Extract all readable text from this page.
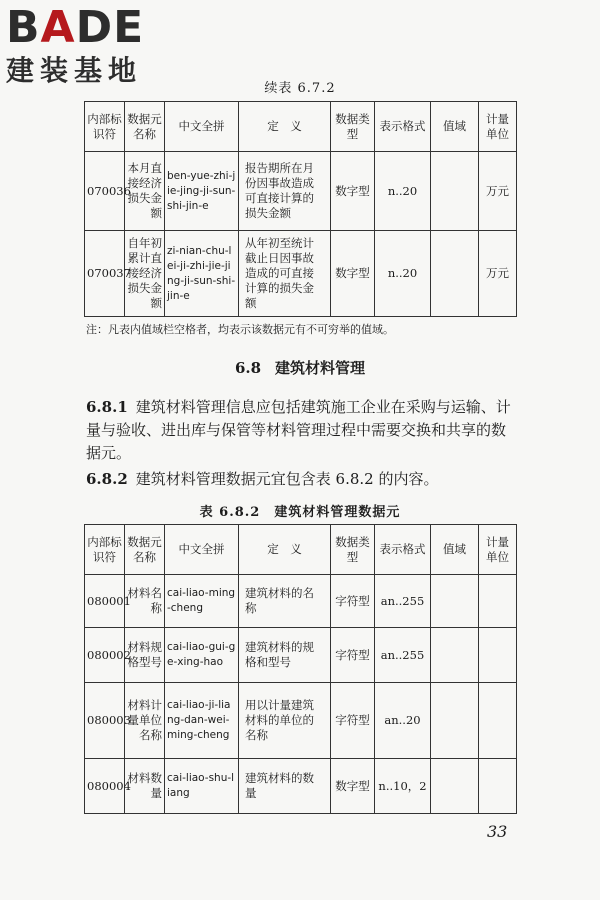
BADE
建装基地
续表 6.7.2
内部标识符	数据元名称	中文全拼	定　义	数据类型	表示格式	值域	计量单位
070036	本月直接经济损失金额	ben-yue-zhi-jie-jing-ji-sun-shi-jin-e	报告期所在月份因事故造成可直接计算的损失金额	数字型	n..20		万元
070037	自年初累计直接经济损失金额	zi-nian-chu-lei-ji-zhi-jie-jing-ji-sun-shi-jin-e	从年初至统计截止日因事故造成的可直接计算的损失金额	数字型	n..20		万元
注：凡表内值域栏空格者，均表示该数据元有不可穷举的值域。
6.8 建筑材料管理
6.8.1 建筑材料管理信息应包括建筑施工企业在采购与运输、计量与验收、进出库与保管等材料管理过程中需要交换和共享的数据元。
6.8.2 建筑材料管理数据元宜包含表 6.8.2 的内容。
表 6.8.2　建筑材料管理数据元
内部标识符	数据元名称	中文全拼	定　义	数据类型	表示格式	值域	计量单位
080001	材料名称	cai-liao-ming-cheng	建筑材料的名称	字符型	an..255		
080002	材料规格型号	cai-liao-gui-ge-xing-hao	建筑材料的规格和型号	字符型	an..255		
080003	材料计量单位名称	cai-liao-ji-liang-dan-wei-ming-cheng	用以计量建筑材料的单位的名称	字符型	an..20		
080004	材料数量	cai-liao-shu-liang	建筑材料的数量	数字型	n..10，2		
33
